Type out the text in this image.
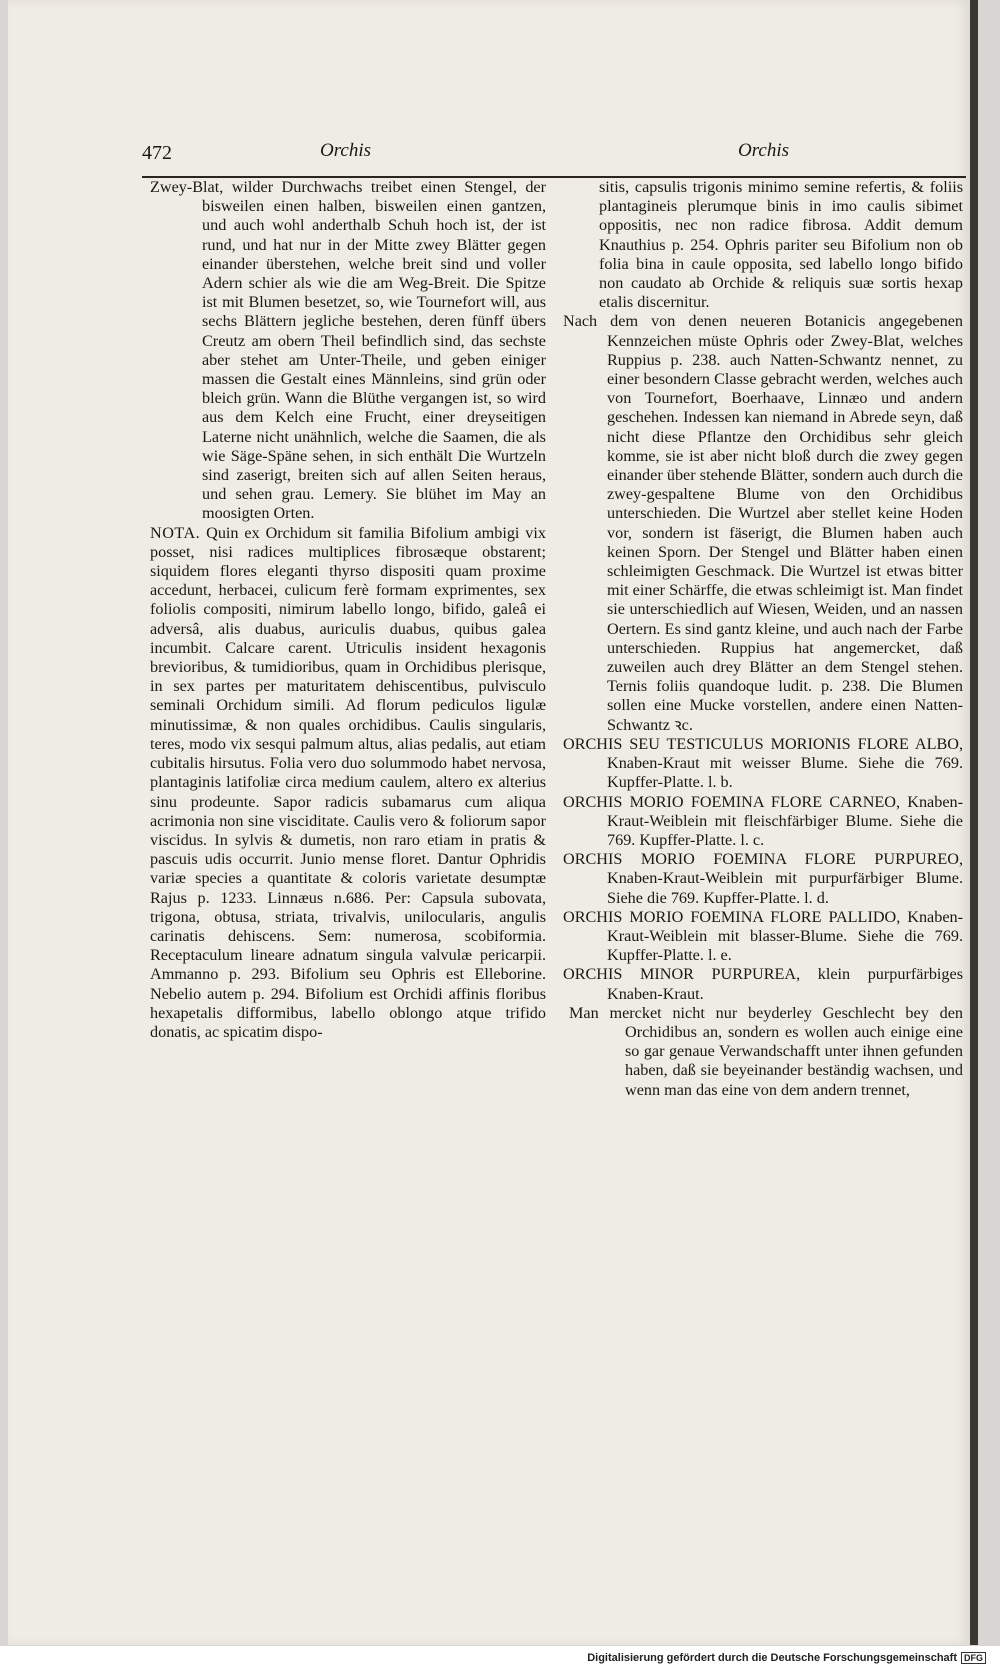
472	Orchis	Orchis

Zwey-Blat, wilder Durchwachs treibet einen Stengel, der bisweilen einen halben, bisweilen einen gantzen, und auch wohl anderthalb Schuh hoch ist, der ist rund, und hat nur in der Mitte zwey Blätter gegen einander überstehen, welche breit sind und voller Adern schier als wie die am Weg-Breit. Die Spitze ist mit Blumen besetzet, so, wie Tournefort will, aus sechs Blättern jegliche bestehen, deren fünff übers Creutz am obern Theil befindlich sind, das sechste aber stehet am Unter-Theile, und geben einiger massen die Gestalt eines Männleins, sind grün oder bleich grün. Wann die Blüthe vergangen ist, so wird aus dem Kelch eine Frucht, einer dreyseitigen Laterne nicht unähnlich, welche die Saamen, die als wie Säge-Späne sehen, in sich enthält Die Wurtzeln sind zaserigt, breiten sich auf allen Seiten heraus, und sehen grau. Lemery. Sie blühet im May an moosigten Orten.

NOTA. Quin ex Orchidum sit familia Bifolium ambigi vix posset, nisi radices multiplices fibrosæque obstarent; siquidem flores eleganti thyrso dispositi quam proxime accedunt, herbacei, culicum ferè formam exprimentes, sex foliolis compositi, nimirum labello longo, bifido, galeâ ei adversâ, alis duabus, auriculis duabus, quibus galea incumbit. Calcare carent. Utriculis insident hexagonis brevioribus, & tumidioribus, quam in Orchidibus plerisque, in sex partes per maturitatem dehiscentibus, pulvisculo seminali Orchidum simili. Ad florum pediculos ligulæ minutissimæ, & non quales orchidibus. Caulis singularis, teres, modo vix sesqui palmum altus, alias pedalis, aut etiam cubitalis hirsutus. Folia vero duo solummodo habet nervosa, plantaginis latifoliæ circa medium caulem, altero ex alterius sinu prodeunte. Sapor radicis subamarus cum aliqua acrimonia non sine visciditate. Caulis vero & foliorum sapor viscidus. In sylvis & dumetis, non raro etiam in pratis & pascuis udis occurrit. Junio mense floret. Dantur Ophridis variæ species a quantitate & coloris varietate desumptæ Rajus p. 1233. Linnæus n.686. Per: Capsula subovata, trigona, obtusa, striata, trivalvis, unilocularis, angulis carinatis dehiscens. Sem: numerosa, scobiformia. Receptaculum lineare adnatum singula valvulæ pericarpii. Ammanno p. 293. Bifolium seu Ophris est Elleborine. Nebelio autem p. 294. Bifolium est Orchidi affinis floribus hexapetalis difformibus, labello oblongo atque trifido donatis, ac spicatim dispo-

sitis, capsulis trigonis minimo semine refertis, & foliis plantagineis plerumque binis in imo caulis sibimet oppositis, nec non radice fibrosa. Addit demum Knauthius p. 254. Ophris pariter seu Bifolium non ob folia bina in caule opposita, sed labello longo bifido non caudato ab Orchide & reliquis suæ sortis hexap etalis discernitur.

Nach dem von denen neueren Botanicis angegebenen Kennzeichen müste Ophris oder Zwey-Blat, welches Ruppius p. 238. auch Natten-Schwantz nennet, zu einer besondern Classe gebracht werden, welches auch von Tournefort, Boerhaave, Linnæo und andern geschehen. Indessen kan niemand in Abrede seyn, daß nicht diese Pflantze den Orchidibus sehr gleich komme, sie ist aber nicht bloß durch die zwey gegen einander über stehende Blätter, sondern auch durch die zwey-gespaltene Blume von den Orchidibus unterschieden. Die Wurtzel aber stellet keine Hoden vor, sondern ist fäserigt, die Blumen haben auch keinen Sporn. Der Stengel und Blätter haben einen schleimigten Geschmack. Die Wurtzel ist etwas bitter mit einer Schärffe, die etwas schleimigt ist. Man findet sie unterschiedlich auf Wiesen, Weiden, und an nassen Oertern. Es sind gantz kleine, und auch nach der Farbe unterschieden. Ruppius hat angemercket, daß zuweilen auch drey Blätter an dem Stengel stehen. Ternis foliis quandoque ludit. p. 238. Die Blumen sollen eine Mucke vorstellen, andere einen Natten-Schwantz ꝛc.

ORCHIS SEU TESTICULUS MORIONIS FLORE ALBO, Knaben-Kraut mit weisser Blume. Siehe die 769. Kupffer-Platte. l. b.

ORCHIS MORIO FOEMINA FLORE CARNEO, Knaben-Kraut-Weiblein mit fleischfärbiger Blume. Siehe die 769. Kupffer-Platte. l. c.

ORCHIS MORIO FOEMINA FLORE PURPUREO, Knaben-Kraut-Weiblein mit purpurfärbiger Blume. Siehe die 769. Kupffer-Platte. l. d.

ORCHIS MORIO FOEMINA FLORE PALLIDO, Knaben-Kraut-Weiblein mit blasser-Blume. Siehe die 769. Kupffer-Platte. l. e.

ORCHIS MINOR PURPUREA, klein purpurfärbiges Knaben-Kraut.

Man mercket nicht nur beyderley Geschlecht bey den Orchidibus an, sondern es wollen auch einige eine so gar genaue Verwandschafft unter ihnen gefunden haben, daß sie beyeinander beständig wachsen, und wenn man das eine von dem andern trennet,

Digitalisierung gefördert durch die Deutsche Forschungsgemeinschaft DFG
